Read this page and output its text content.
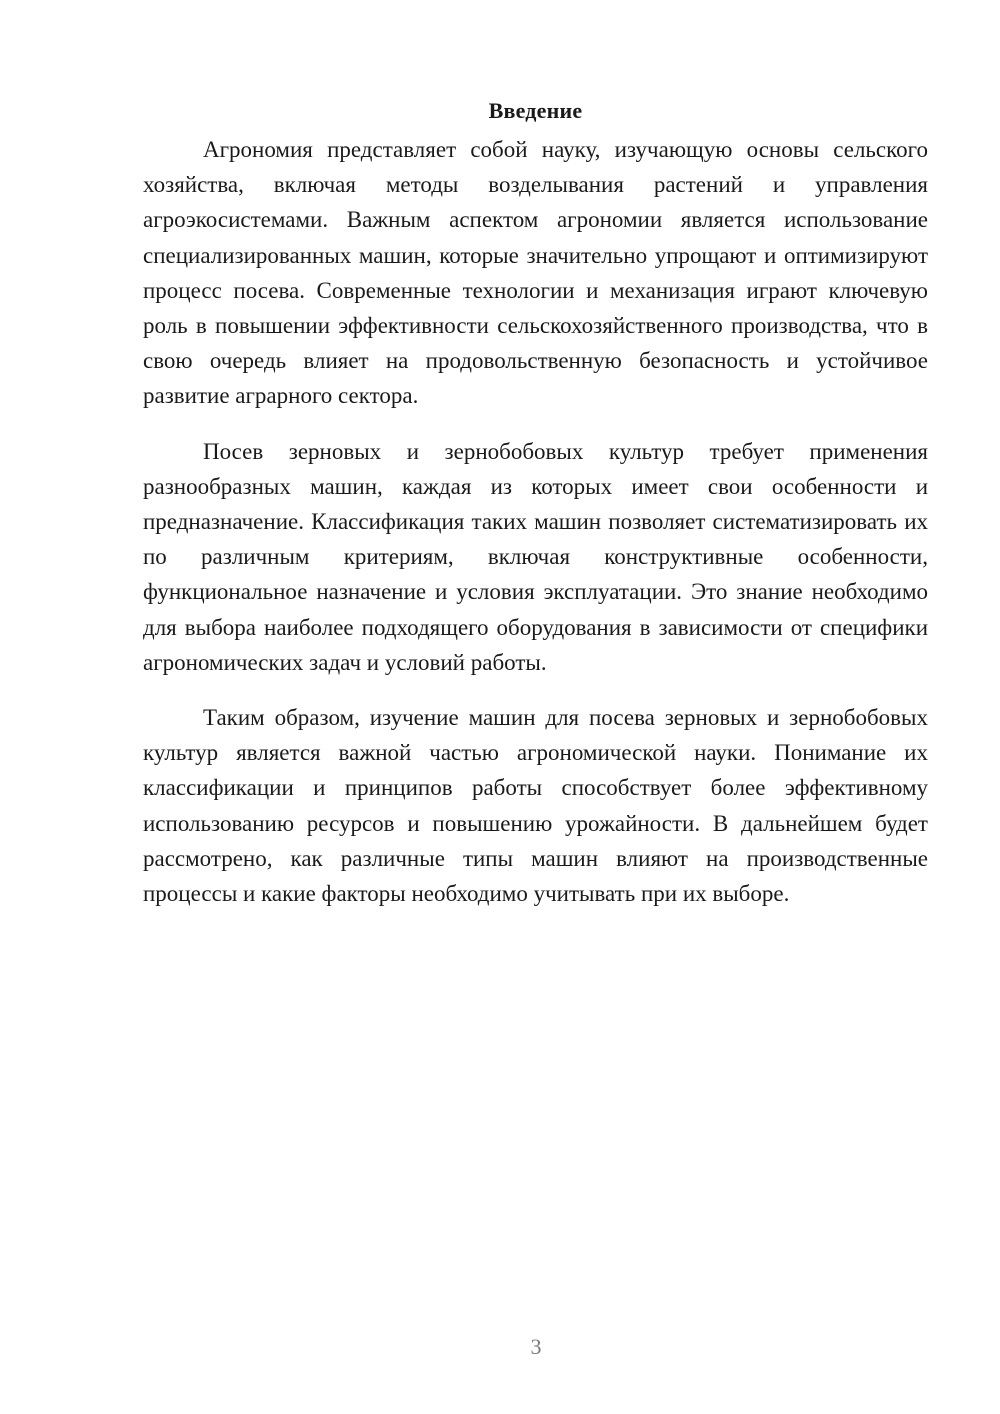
Введение

Агрономия представляет собой науку, изучающую основы сельского хозяйства, включая методы возделывания растений и управления агроэкосистемами. Важным аспектом агрономии является использование специализированных машин, которые значительно упрощают и оптимизируют процесс посева. Современные технологии и механизация играют ключевую роль в повышении эффективности сельскохозяйственного производства, что в свою очередь влияет на продовольственную безопасность и устойчивое развитие аграрного сектора.

Посев зерновых и зернобобовых культур требует применения разнообразных машин, каждая из которых имеет свои особенности и предназначение. Классификация таких машин позволяет систематизировать их по различным критериям, включая конструктивные особенности, функциональное назначение и условия эксплуатации. Это знание необходимо для выбора наиболее подходящего оборудования в зависимости от специфики агрономических задач и условий работы.

Таким образом, изучение машин для посева зерновых и зернобобовых культур является важной частью агрономической науки. Понимание их классификации и принципов работы способствует более эффективному использованию ресурсов и повышению урожайности. В дальнейшем будет рассмотрено, как различные типы машин влияют на производственные процессы и какие факторы необходимо учитывать при их выборе.

3
